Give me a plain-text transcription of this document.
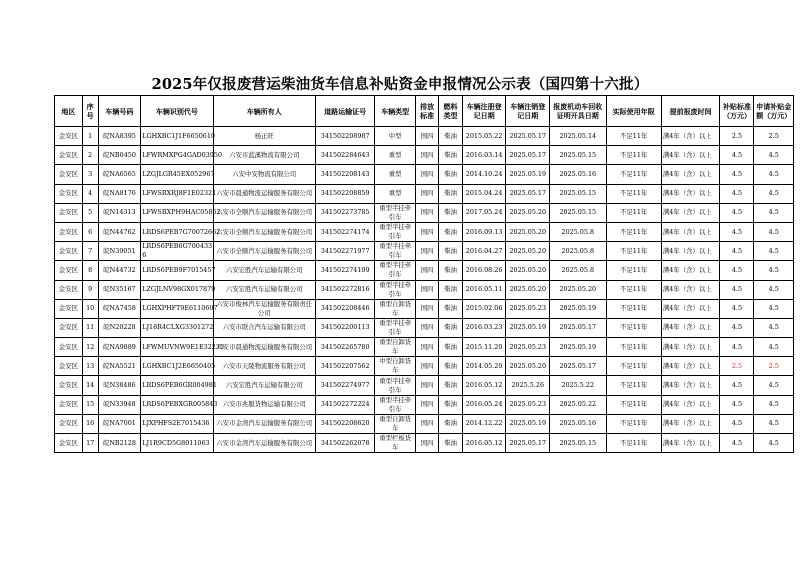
2025年仅报废营运柴油货车信息补贴资金申报情况公示表（国四第十六批）
地区	序号	车辆号码	车辆识别代号	车辆所有人	道路运输证号	车辆类型	排放标准	燃料类型	车辆注册登记日期	车辆注销登记日期	报废机动车回收证明开具日期	实际使用年限	提前报废时间	补贴标准（万元）	申请补贴金额（万元）
金安区	1	皖NA8395	LGHXBC1J1F6650610	杨正旺	341502208987	中型	国四	柴油	2015.05.22	2025.05.17	2025.05.14	不足11年	满4年（含）以上	2.5	2.5
金安区	2	皖NB0450	LFWRMXPG4GAD03950	六安市蓝溪物流有限公司	341502284643	重型	国四	柴油	2016.03.14	2025.05.17	2025.05.15	不足11年	满4年（含）以上	4.5	4.5
金安区	3	皖NA6565	LZGJLGR45EX052967	六安中安物流有限公司	341502208143	重型	国四	柴油	2014.10.24	2025.05.19	2025.05.16	不足11年	满4年（含）以上	4.5	4.5
金安区	4	皖NA8176	LFWSRXRJ8F1E02321	六安市晨通物流运输服务有限公司	341502208859	重型	国四	柴油	2015.04.24	2025.05.17	2025.05.15	不足11年	满4年（含）以上	4.5	4.5
金安区	5	皖N14313	LFWSRXPH9HAC05862	六安市全顺汽车运输服务有限公司	341502273785	重型半挂牵引车	国四	柴油	2017.05.24	2025.05.20	2025.05.15	不足11年	满4年（含）以上	4.5	4.5
金安区	6	皖N44762	LRDS6PEB7G70072662	六安市全顺汽车运输服务有限公司	341502274174	重型半挂牵引车	国四	柴油	2016.09.13	2025.05.20	2025.05.8	不足11年	满4年（含）以上	4.5	4.5
金安区	7	皖N39051	LRDS6PEB6G700433 6	六安市全顺汽车运输服务有限公司	341502271977	重型半挂牵引车	国四	柴油	2016.04.27	2025.05.20	2025.05.8	不足11年	满4年（含）以上	4.5	4.5
金安区	8	皖N44732	LRDS6PEB9F7015457	六安宏胜汽车运输有限公司	341502274199	重型半挂牵引车	国四	柴油	2016.08.26	2025.05.20	2025.05.8	不足11年	满4年（含）以上	4.5	4.5
金安区	9	皖N35167	LZGJLNV98GX017879	六安宏胜汽车运输有限公司	341502272816	重型半挂牵引车	国四	柴油	2016.05.11	2025.05.20	2025.05.20	不足11年	满4年（含）以上	4.5	4.5
金安区	10	皖NA7458	LGHXPHFT9E6110607	六安市俊林汽车运输服务有限责任公司	341502208446	重型自卸货车	国四	柴油	2015.02.06	2025.05.23	2025.05.19	不足11年	满4年（含）以上	4.5	4.5
金安区	11	皖N20228	LJ18R4CLXG3301272	六安市联合汽车运输有限公司	341502200113	重型半挂牵引车	国四	柴油	2016.03.23	2025.05.19	2025.05.17	不足11年	满4年（含）以上	4.5	4.5
金安区	12	皖NA9889	LFWMUVNW9E1E32235	六安市晨通物流运输服务有限公司	341502265780	重型自卸货车	国四	柴油	2015.11.20	2025.05.23	2025.05.19	不足11年	满4年（含）以上	4.5	4.5
金安区	13	皖NA5521	LGHXBC1J2E6650405	六安市天陵物流服务有限公司	341502207562	中型自卸货车	国四	柴油	2014.05.20	2025.05.20	2025.05.17	不足11年	满4年（含）以上	2.5	2.5
金安区	14	皖N38486	LRDS6PEB6GR004981	六安宏胜汽车运输有限公司	341502274977	重型半挂牵引车	国四	柴油	2016.05.12	2025.5.26	2025.5.22	不足11年	满4年（含）以上	4.5	4.5
金安区	15	皖N33948	LRDS6PEBXGR005843	六安市兆服货物运输有限公司	341502272224	重型半挂牵引车	国四	柴油	2016.05.24	2025.05.23	2025.05.22	不足11年	满4年（含）以上	4.5	4.5
金安区	16	皖NA7001	LJXPHFS2E7015436	六安市金湾汽车运输服务有限公司	341502208620	重型自卸货车	国四	柴油	2014.12.22	2025.05.19	2025.05.16	不足11年	满4年（含）以上	4.5	4.5
金安区	17	皖NB2128	LJ1R9CD5G8011063	六安市金湾汽车运输服务有限公司	341502262078	重型栏板货车	国四	柴油	2016.05.12	2025.05.17	2025.05.15	不足11年	满4年（含）以上	4.5	4.5
